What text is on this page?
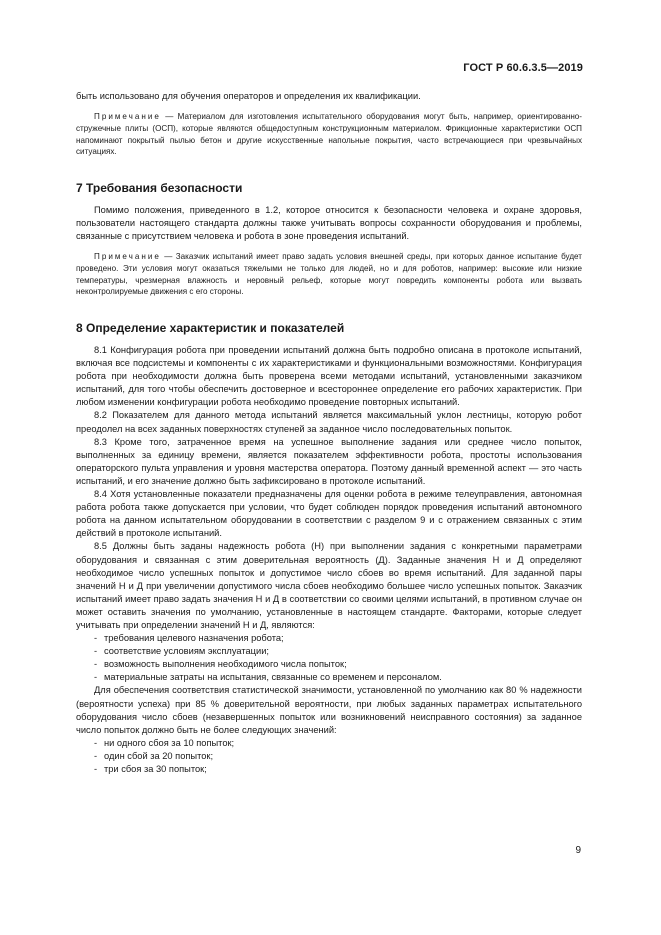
ГОСТ Р 60.6.3.5—2019

быть использовано для обучения операторов и определения их квалификации.

Примечание — Материалом для изготовления испытательного оборудования могут быть, например, ориентированно-стружечные плиты (ОСП), которые являются общедоступным конструкционным материалом. Фрикционные характеристики ОСП напоминают покрытый пылью бетон и другие искусственные напольные покрытия, часто встречающиеся при чрезвычайных ситуациях.

7 Требования безопасности

Помимо положения, приведенного в 1.2, которое относится к безопасности человека и охране здоровья, пользователи настоящего стандарта должны также учитывать вопросы сохранности оборудования и проблемы, связанные с присутствием человека и робота в зоне проведения испытаний.

Примечание — Заказчик испытаний имеет право задать условия внешней среды, при которых данное испытание будет проведено. Эти условия могут оказаться тяжелыми не только для людей, но и для роботов, например: высокие или низкие температуры, чрезмерная влажность и неровный рельеф, которые могут повредить компоненты робота или вызвать неконтролируемые движения с его стороны.

8 Определение характеристик и показателей

8.1 Конфигурация робота при проведении испытаний должна быть подробно описана в протоколе испытаний, включая все подсистемы и компоненты с их характеристиками и функциональными возможностями. Конфигурация робота при необходимости должна быть проверена всеми методами испытаний, установленными заказчиком испытаний, для того чтобы обеспечить достоверное и всестороннее определение его рабочих характеристик. При любом изменении конфигурации робота необходимо проведение повторных испытаний.

8.2 Показателем для данного метода испытаний является максимальный уклон лестницы, которую робот преодолел на всех заданных поверхностях ступеней за заданное число последовательных попыток.

8.3 Кроме того, затраченное время на успешное выполнение задания или среднее число попыток, выполненных за единицу времени, является показателем эффективности робота, простоты использования операторского пульта управления и уровня мастерства оператора. Поэтому данный временной аспект — это часть испытаний, и его значение должно быть зафиксировано в протоколе испытаний.

8.4 Хотя установленные показатели предназначены для оценки робота в режиме телеуправления, автономная работа робота также допускается при условии, что будет соблюден порядок проведения испытаний автономного робота на данном испытательном оборудовании в соответствии с разделом 9 и с отражением связанных с этим действий в протоколе испытаний.

8.5 Должны быть заданы надежность робота (Н) при выполнении задания с конкретными параметрами оборудования и связанная с этим доверительная вероятность (Д). Заданные значения Н и Д определяют необходимое число успешных попыток и допустимое число сбоев во время испытаний. Для заданной пары значений Н и Д при увеличении допустимого числа сбоев необходимо большее число успешных попыток. Заказчик испытаний имеет право задать значения Н и Д в соответствии со своими целями испытаний, в противном случае он может оставить значения по умолчанию, установленные в настоящем стандарте. Факторами, которые следует учитывать при определении значений Н и Д, являются:

- требования целевого назначения робота;
- соответствие условиям эксплуатации;
- возможность выполнения необходимого числа попыток;
- материальные затраты на испытания, связанные со временем и персоналом.

Для обеспечения соответствия статистической значимости, установленной по умолчанию как 80 % надежности (вероятности успеха) при 85 % доверительной вероятности, при любых заданных параметрах испытательного оборудования число сбоев (незавершенных попыток или возникновений неисправного состояния) за заданное число попыток должно быть не более следующих значений:

- ни одного сбоя за 10 попыток;
- один сбой за 20 попыток;
- три сбоя за 30 попыток;
9
